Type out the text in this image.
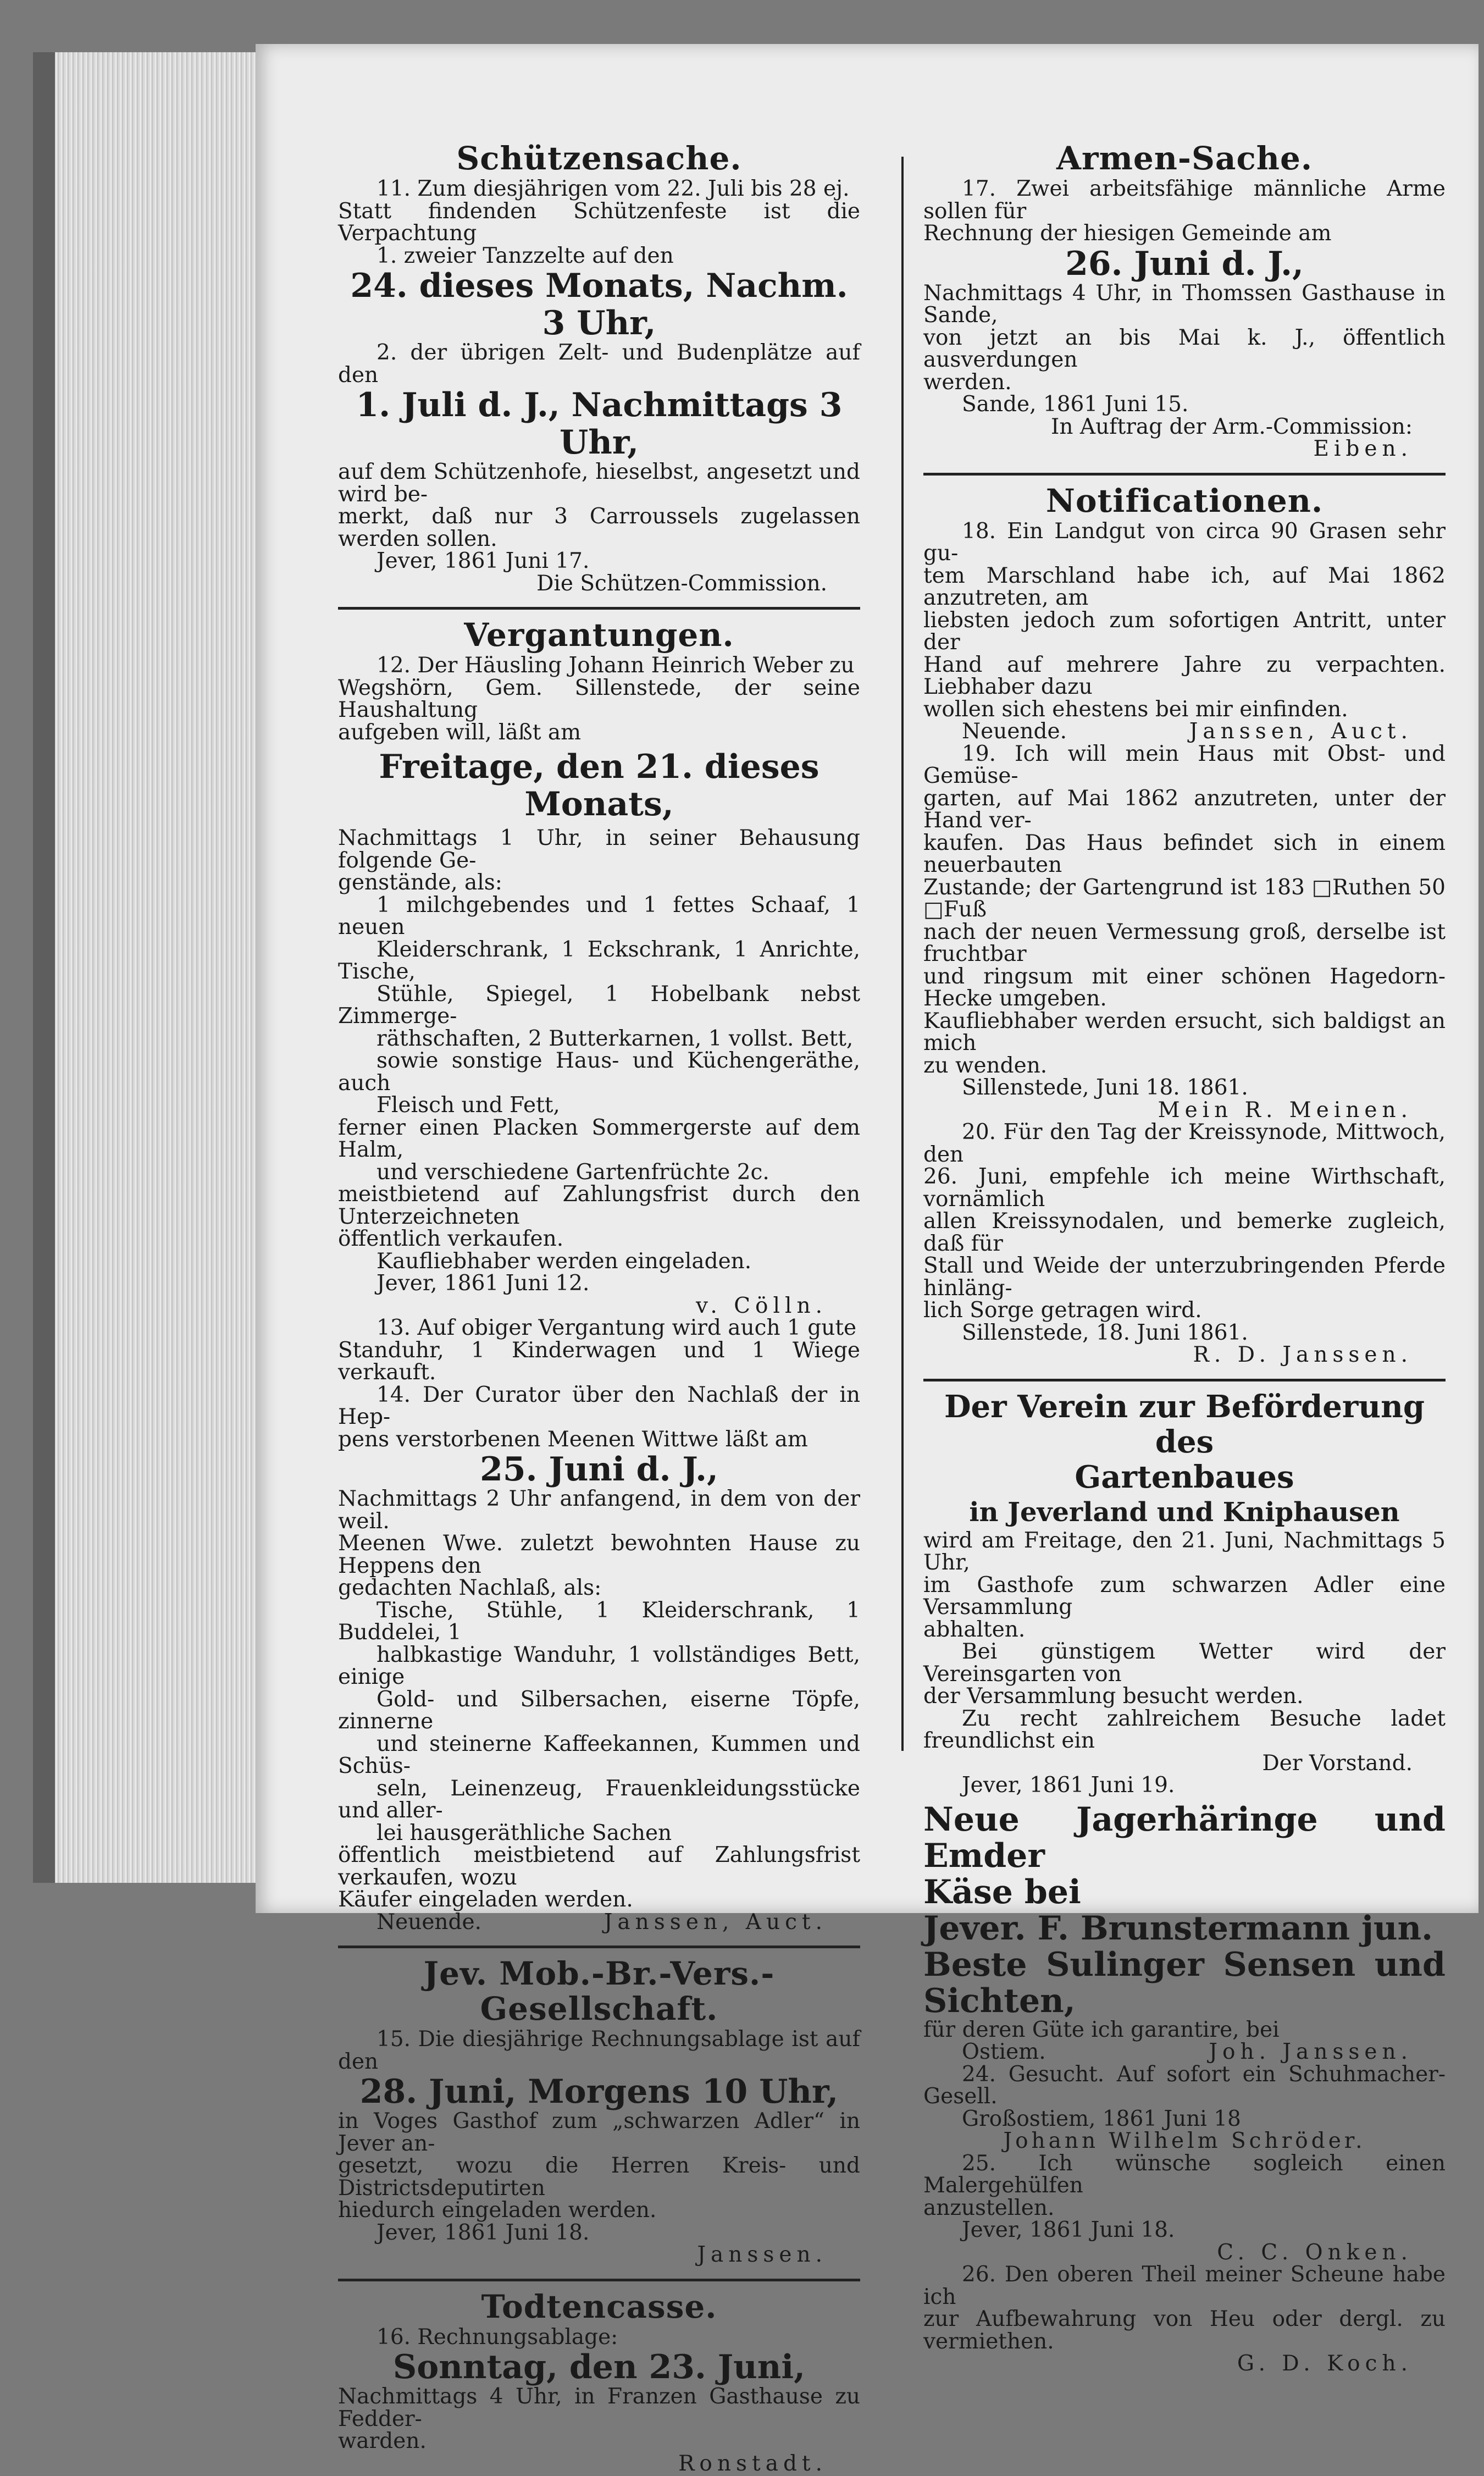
Schützensache.

11. Zum diesjährigen vom 22. Juli bis 28 ej.

Statt findenden Schützenfeste ist die Verpachtung

1. zweier Tanzzelte auf den

24. dieses Monats, Nachm. 3 Uhr,

2. der übrigen Zelt- und Budenplätze auf den

1. Juli d. J., Nachmittags 3 Uhr,

auf dem Schützenhofe, hieselbst, angesetzt und wird be-

merkt, daß nur 3 Carroussels zugelassen werden sollen.

Jever, 1861 Juni 17.

Die Schützen-Commission.

Vergantungen.

12. Der Häusling Johann Heinrich Weber zu

Wegshörn, Gem. Sillenstede, der seine Haushaltung

aufgeben will, läßt am

Freitage, den 21. dieses Monats,

Nachmittags 1 Uhr, in seiner Behausung folgende Ge-

genstände, als:

1 milchgebendes und 1 fettes Schaaf, 1 neuen

Kleiderschrank, 1 Eckschrank, 1 Anrichte, Tische,

Stühle, Spiegel, 1 Hobelbank nebst Zimmerge-

räthschaften, 2 Butterkarnen, 1 vollst. Bett,

sowie sonstige Haus- und Küchengeräthe, auch

Fleisch und Fett,

ferner einen Placken Sommergerste auf dem Halm,

und verschiedene Gartenfrüchte 2c.

meistbietend auf Zahlungsfrist durch den Unterzeichneten

öffentlich verkaufen.

Kaufliebhaber werden eingeladen.

Jever, 1861 Juni 12.

v. Cölln.

13. Auf obiger Vergantung wird auch 1 gute

Standuhr, 1 Kinderwagen und 1 Wiege verkauft.

14. Der Curator über den Nachlaß der in Hep-

pens verstorbenen Meenen Wittwe läßt am

25. Juni d. J.,

Nachmittags 2 Uhr anfangend, in dem von der weil.

Meenen Wwe. zuletzt bewohnten Hause zu Heppens den

gedachten Nachlaß, als:

Tische, Stühle, 1 Kleiderschrank, 1 Buddelei, 1

halbkastige Wanduhr, 1 vollständiges Bett, einige

Gold- und Silbersachen, eiserne Töpfe, zinnerne

und steinerne Kaffeekannen, Kummen und Schüs-

seln, Leinenzeug, Frauenkleidungsstücke und aller-

lei hausgeräthliche Sachen

öffentlich meistbietend auf Zahlungsfrist verkaufen, wozu

Käufer eingeladen werden.

Neuende.	Janssen, Auct.
Jev. Mob.-Br.-Vers.-Gesellschaft.

15. Die diesjährige Rechnungsablage ist auf den

28. Juni, Morgens 10 Uhr,

in Voges Gasthof zum „schwarzen Adler“ in Jever an-

gesetzt, wozu die Herren Kreis- und Districtsdeputirten

hiedurch eingeladen werden.

Jever, 1861 Juni 18.

Janssen.

Todtencasse.

16. Rechnungsablage:

Sonntag, den 23. Juni,

Nachmittags 4 Uhr, in Franzen Gasthause zu Fedder-

warden.

Ronstadt.

Armen-Sache.

17. Zwei arbeitsfähige männliche Arme sollen für

Rechnung der hiesigen Gemeinde am

26. Juni d. J.,

Nachmittags 4 Uhr, in Thomssen Gasthause in Sande,

von jetzt an bis Mai k. J., öffentlich ausverdungen

werden.

Sande, 1861 Juni 15.

In Auftrag der Arm.-Commission:

Eiben.

Notificationen.

18. Ein Landgut von circa 90 Grasen sehr gu-

tem Marschland habe ich, auf Mai 1862 anzutreten, am

liebsten jedoch zum sofortigen Antritt, unter der

Hand auf mehrere Jahre zu verpachten. Liebhaber dazu

wollen sich ehestens bei mir einfinden.

Neuende.	Janssen, Auct.

19. Ich will mein Haus mit Obst- und Gemüse-

garten, auf Mai 1862 anzutreten, unter der Hand ver-

kaufen. Das Haus befindet sich in einem neuerbauten

Zustande; der Gartengrund ist 183 □Ruthen 50 □Fuß

nach der neuen Vermessung groß, derselbe ist fruchtbar

und ringsum mit einer schönen Hagedorn-Hecke umgeben.

Kaufliebhaber werden ersucht, sich baldigst an mich

zu wenden.

Sillenstede, Juni 18. 1861.

Mein R. Meinen.

20. Für den Tag der Kreissynode, Mittwoch, den

26. Juni, empfehle ich meine Wirthschaft, vornämlich

allen Kreissynodalen, und bemerke zugleich, daß für

Stall und Weide der unterzubringenden Pferde hinläng-

lich Sorge getragen wird.

Sillenstede, 18. Juni 1861.

R. D. Janssen.

Der Verein zur Beförderung des
Gartenbaues
in Jeverland und Kniphausen

wird am Freitage, den 21. Juni, Nachmittags 5 Uhr,

im Gasthofe zum schwarzen Adler eine Versammlung

abhalten.

Bei günstigem Wetter wird der Vereinsgarten von

der Versammlung besucht werden.

Zu recht zahlreichem Besuche ladet freundlichst ein

Der Vorstand.

Jever, 1861 Juni 19.

Neue Jagerhäringe und Emder

Käse bei

Jever. F. Brunstermann jun.

Beste Sulinger Sensen und Sichten,

für deren Güte ich garantire, bei

Ostiem.	Joh. Janssen.

24. Gesucht. Auf sofort ein Schuhmacher-Gesell.

Großostiem, 1861 Juni 18

Johann Wilhelm Schröder.

25. Ich wünsche sogleich einen Malergehülfen

anzustellen.

Jever, 1861 Juni 18.

C. C. Onken.

26. Den oberen Theil meiner Scheune habe ich

zur Aufbewahrung von Heu oder dergl. zu vermiethen.

G. D. Koch.
